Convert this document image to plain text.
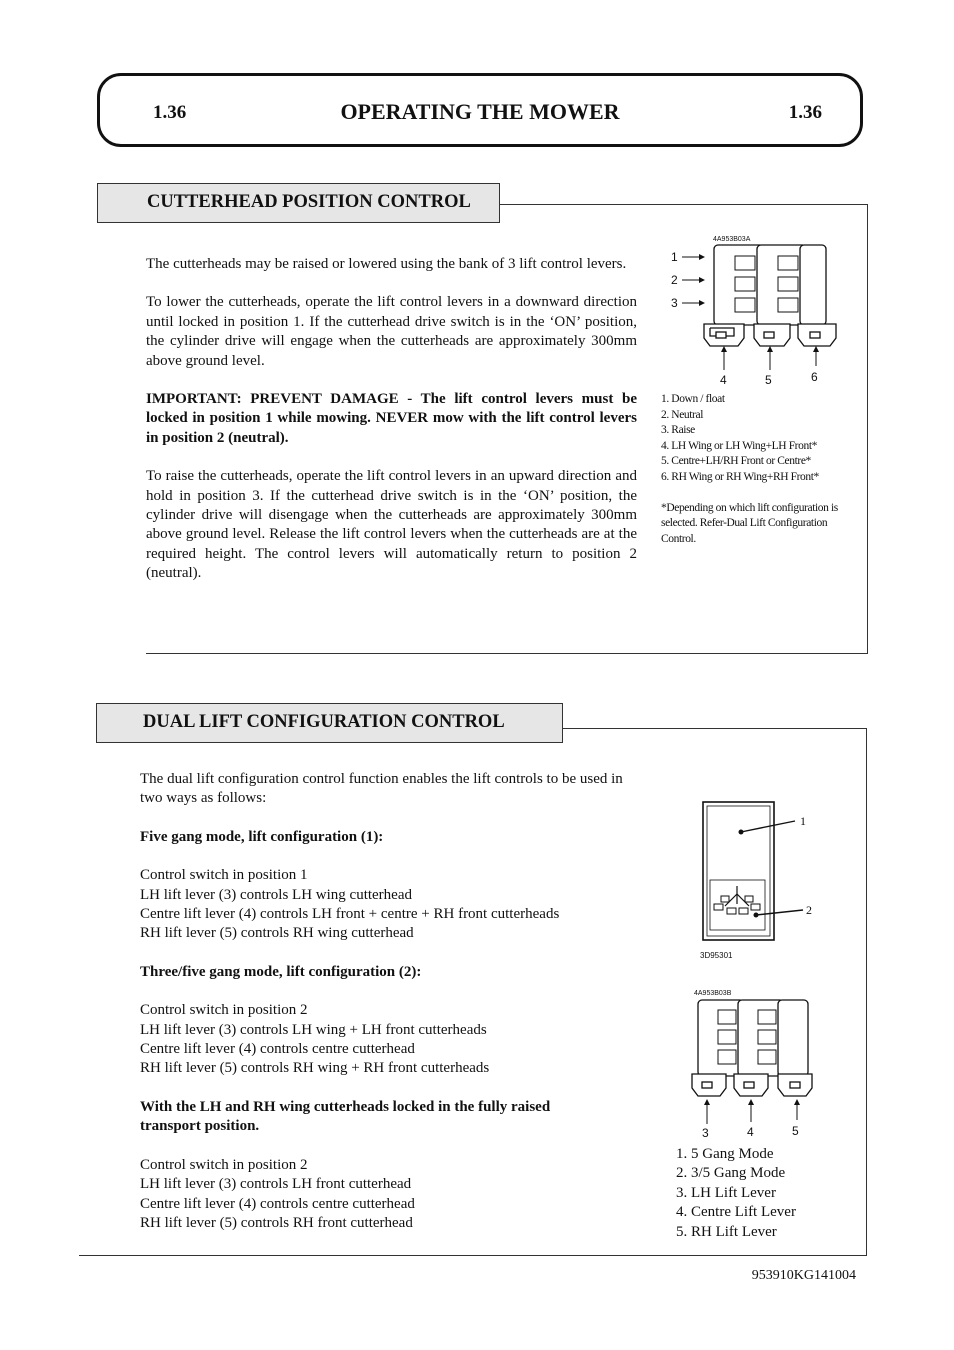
1.36	OPERATING THE MOWER	1.36
CUTTERHEAD POSITION CONTROL

The cutterheads may be raised or lowered using the bank of 3 lift control levers.

To lower the cutterheads, operate the lift control levers in a downward direction until locked in position 1. If the cutterhead drive switch is in the ‘ON’ position, the cylinder drive will engage when the cutterheads are approximately 300mm above ground level.

IMPORTANT: PREVENT DAMAGE - The lift control levers must be locked in position 1 while mowing. NEVER mow with the lift control levers in position 2 (neutral).

To raise the cutterheads, operate the lift control levers in an upward direction and hold in position 3. If the cutterhead drive switch is in the ‘ON’ position, the cylinder drive will disengage when the cutterheads are approximately 300mm above ground level. Release the lift control levers when the cutterheads are at the required height. The control levers will automatically return to position 2 (neutral).

4A953B03A
1
2
3
4	5	6
1. Down / float
2. Neutral
3. Raise
4. LH Wing or LH Wing+LH Front*
5. Centre+LH/RH Front or Centre*
6. RH Wing or RH Wing+RH Front*
*Depending on which lift configuration is selected. Refer-Dual Lift Configuration Control.
DUAL LIFT CONFIGURATION CONTROL

The dual lift configuration control function enables the lift controls to be used in two ways as follows:

Five gang mode, lift configuration (1):

Control switch in position 1
LH lift lever (3) controls LH wing cutterhead
Centre lift lever (4) controls LH front + centre + RH front cutterheads
RH lift lever (5) controls RH wing cutterhead

Three/five gang mode, lift configuration (2):

Control switch in position 2
LH lift lever (3) controls LH wing + LH front cutterheads
Centre lift lever (4) controls centre cutterhead
RH lift lever (5) controls RH wing + RH front cutterheads

With the LH and RH wing cutterheads locked in the fully raised transport position.

Control switch in position 2
LH lift lever (3) controls LH front cutterhead
Centre lift lever (4) controls centre cutterhead
RH lift lever (5) controls RH front cutterhead
1
2
3D95301
4A953B03B
3	4	5
1. 5 Gang Mode
2. 3/5 Gang Mode
3. LH Lift Lever
4. Centre Lift Lever
5. RH Lift Lever
953910KG141004
